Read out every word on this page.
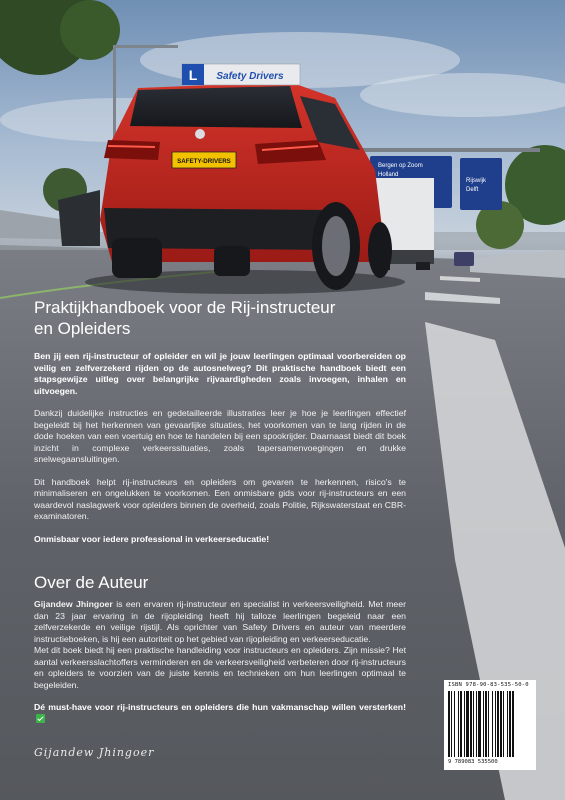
Bergen op Zoom
Holland
Rijswijk
Delft
SAFETY-DRIVERS
L Safety Drivers
Praktijkhandboek voor de Rij-instructeur
en Opleiders

Ben jij een rij-instructeur of opleider en wil je jouw leerlingen optimaal voorbereiden op veilig en zelfverzekerd rijden op de autosnelweg? Dit praktische handboek biedt een stapsgewijze uitleg over belangrijke rijvaardigheden zoals invoegen, inhalen en uitvoegen.

Dankzij duidelijke instructies en gedetailleerde illustraties leer je hoe je leerlingen effectief begeleidt bij het herkennen van gevaarlijke situaties, het voorkomen van te lang rijden in de dode hoeken van een voertuig en hoe te handelen bij een spookrijder. Daarnaast biedt dit boek inzicht in complexe verkeerssituaties, zoals tapersamenvoegingen en drukke snelwegaansluitingen.

Dit handboek helpt rij-instructeurs en opleiders om gevaren te herkennen, risico's te minimaliseren en ongelukken te voorkomen. Een onmisbare gids voor rij-instructeurs en een waardevol naslagwerk voor opleiders binnen de overheid, zoals Politie, Rijkswaterstaat en CBR-examinatoren.

Onmisbaar voor iedere professional in verkeerseducatie!

Over de Auteur

Gijandew Jhingoer is een ervaren rij-instructeur en specialist in verkeersveiligheid. Met meer dan 23 jaar ervaring in de rijopleiding heeft hij talloze leerlingen begeleid naar een zelfverzekerde en veilige rijstijl. Als oprichter van Safety Drivers en auteur van meerdere instructieboeken, is hij een autoriteit op het gebied van rijopleiding en verkeerseducatie.
Met dit boek biedt hij een praktische handleiding voor instructeurs en opleiders. Zijn missie? Het aantal verkeersslachtoffers verminderen en de verkeersveiligheid verbeteren door rij-instructeurs en opleiders te voorzien van de juiste kennis en technieken om hun leerlingen optimaal te begeleiden.

Dé must-have voor rij-instructeurs en opleiders die hun vakmanschap willen versterken!

Gijandew Jhingoer
ISBN 978-90-83-535-50-0
9 789083 535500
